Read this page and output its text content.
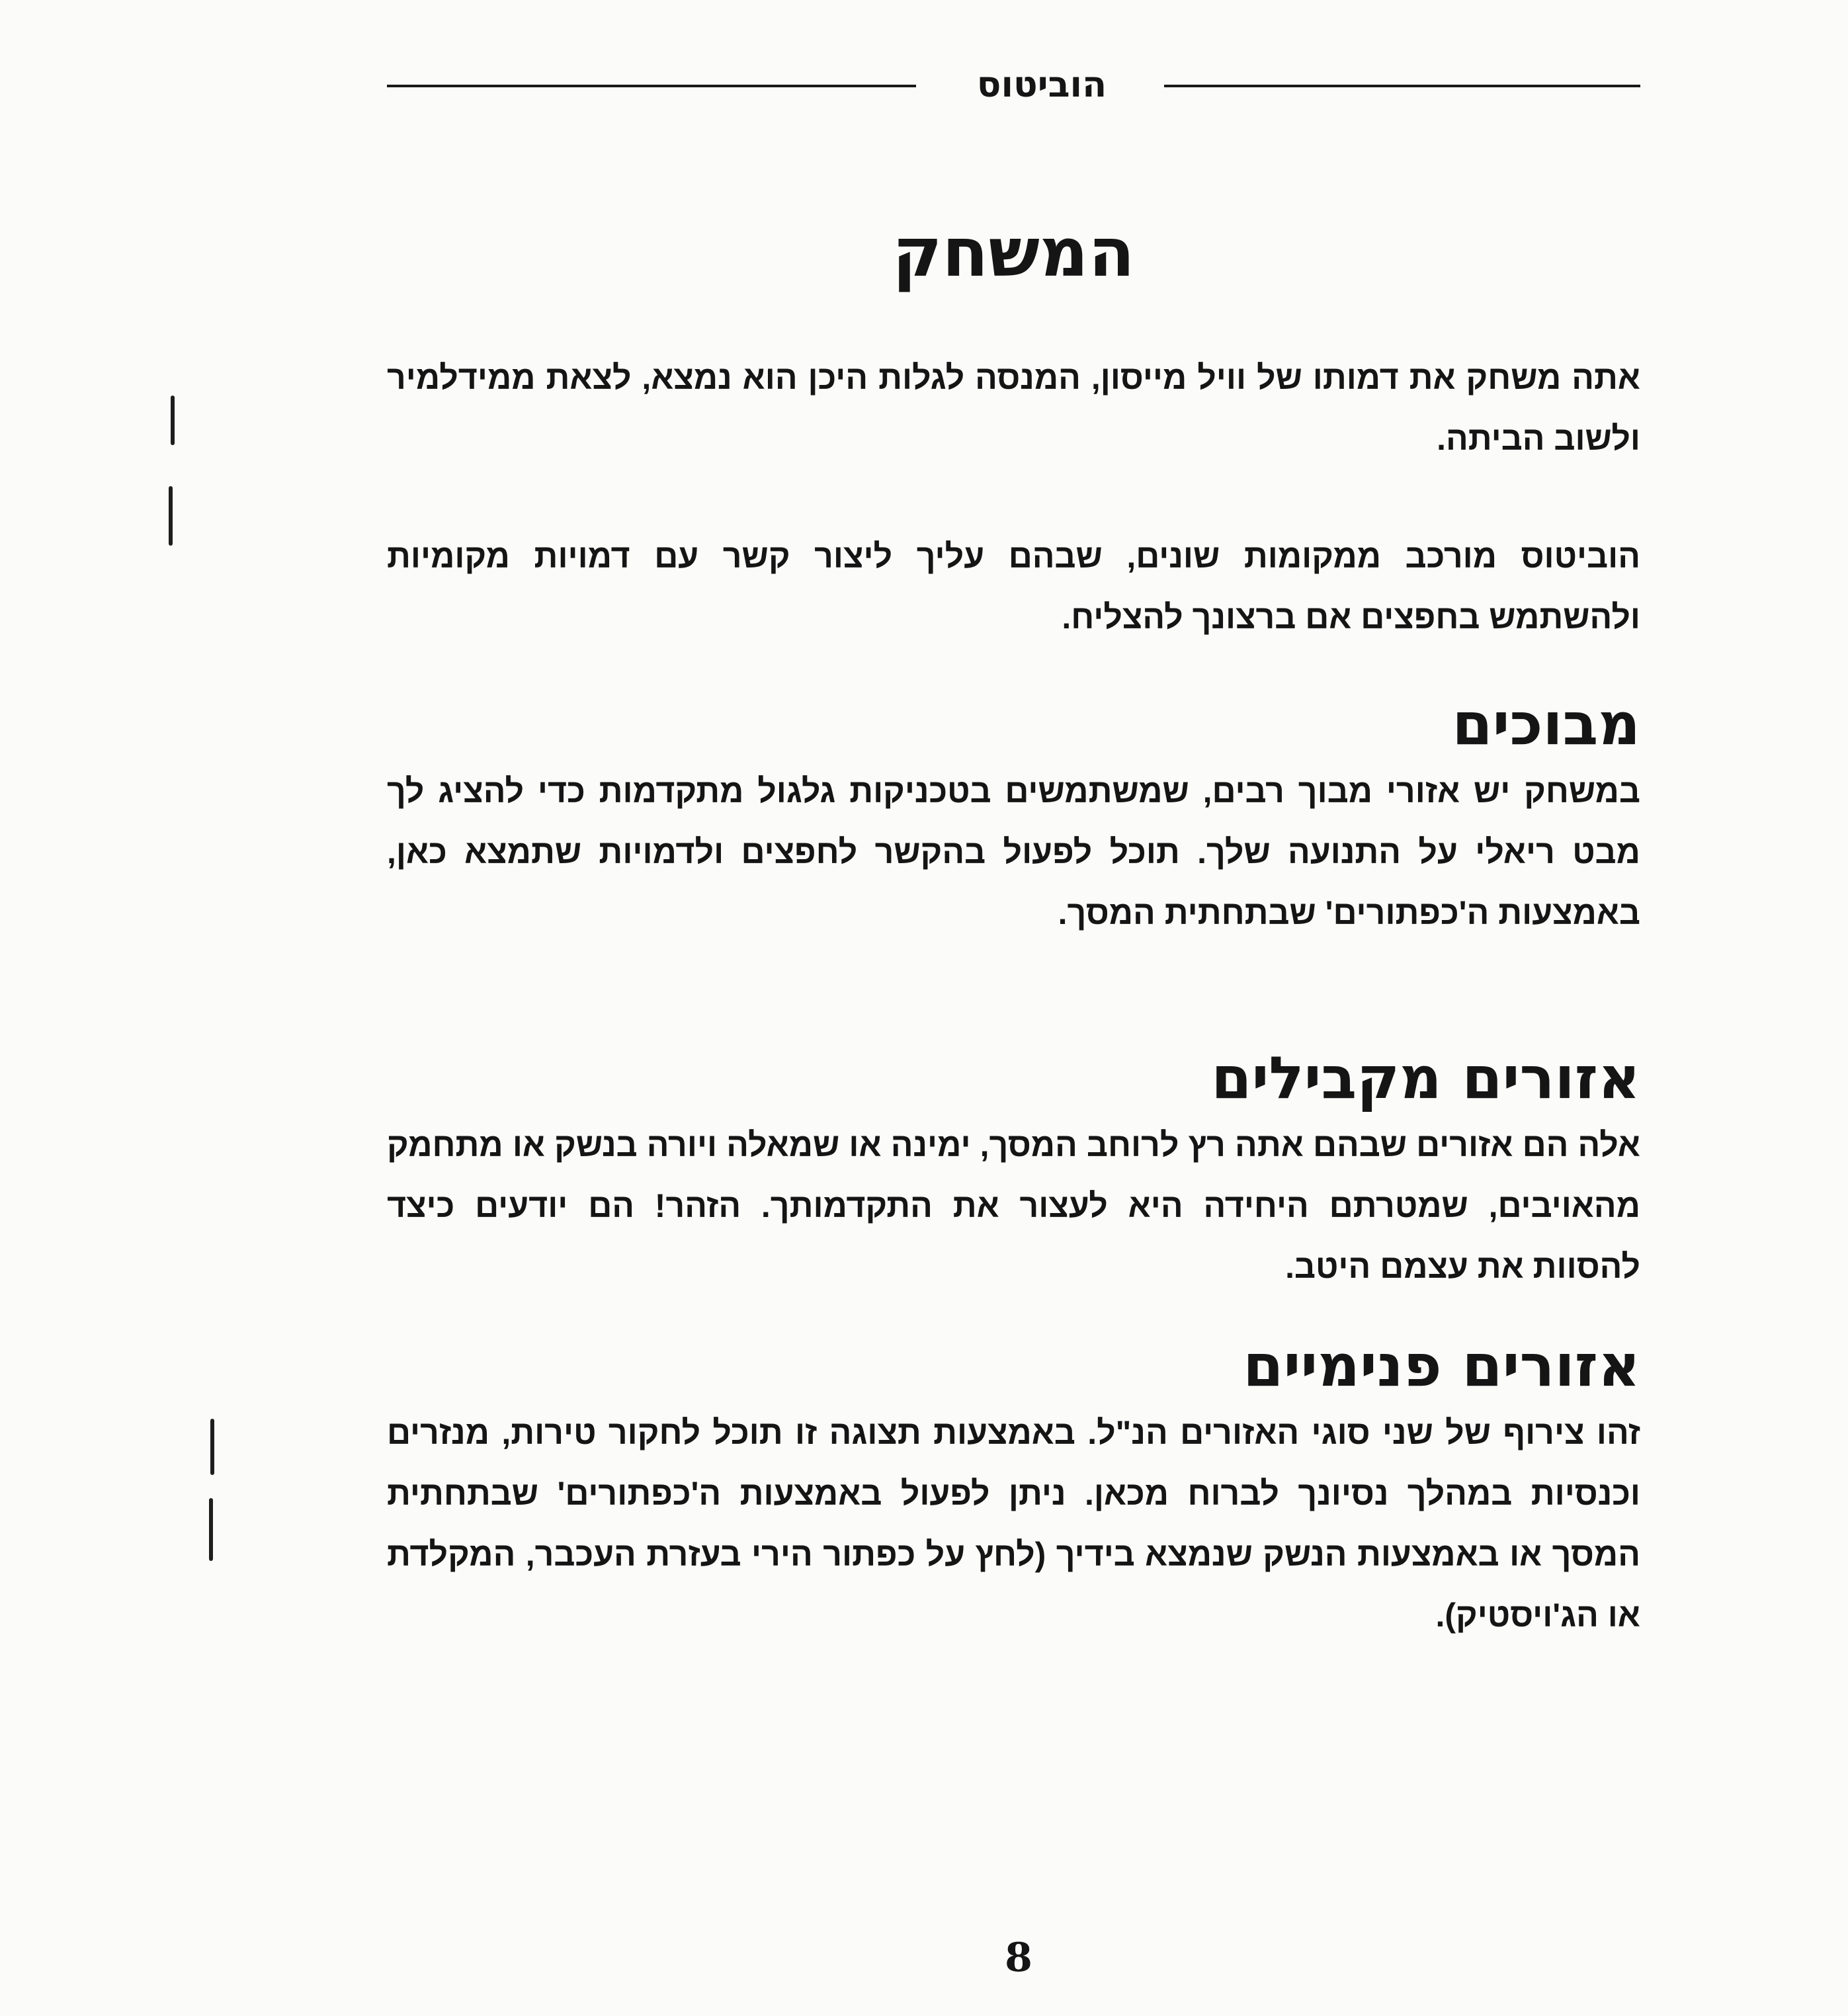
הוביטוס
המשחק

אתה משחק את דמותו של וויל מייסון, המנסה לגלות היכן הוא נמצא, לצאת ממידלמיר ולשוב הביתה.

הוביטוס מורכב ממקומות שונים, שבהם עליך ליצור קשר עם דמויות מקומיות ולהשתמש בחפצים אם ברצונך להצליח.

מבוכים

במשחק יש אזורי מבוך רבים, שמשתמשים בטכניקות גלגול מתקדמות כדי להציג לך מבט ריאלי על התנועה שלך. תוכל לפעול בהקשר לחפצים ולדמויות שתמצא כאן, באמצעות ה'כפתורים' שבתחתית המסך.

אזורים מקבילים

אלה הם אזורים שבהם אתה רץ לרוחב המסך, ימינה או שמאלה ויורה בנשק או מתחמק מהאויבים, שמטרתם היחידה היא לעצור את התקדמותך. הזהר! הם יודעים כיצד להסוות את עצמם היטב.

אזורים פנימיים

זהו צירוף של שני סוגי האזורים הנ"ל. באמצעות תצוגה זו תוכל לחקור טירות, מנזרים וכנסיות במהלך נסיונך לברוח מכאן. ניתן לפעול באמצעות ה'כפתורים' שבתחתית המסך או באמצעות הנשק שנמצא בידיך (לחץ על כפתור הירי בעזרת העכבר, המקלדת או הג'ויסטיק).

8
